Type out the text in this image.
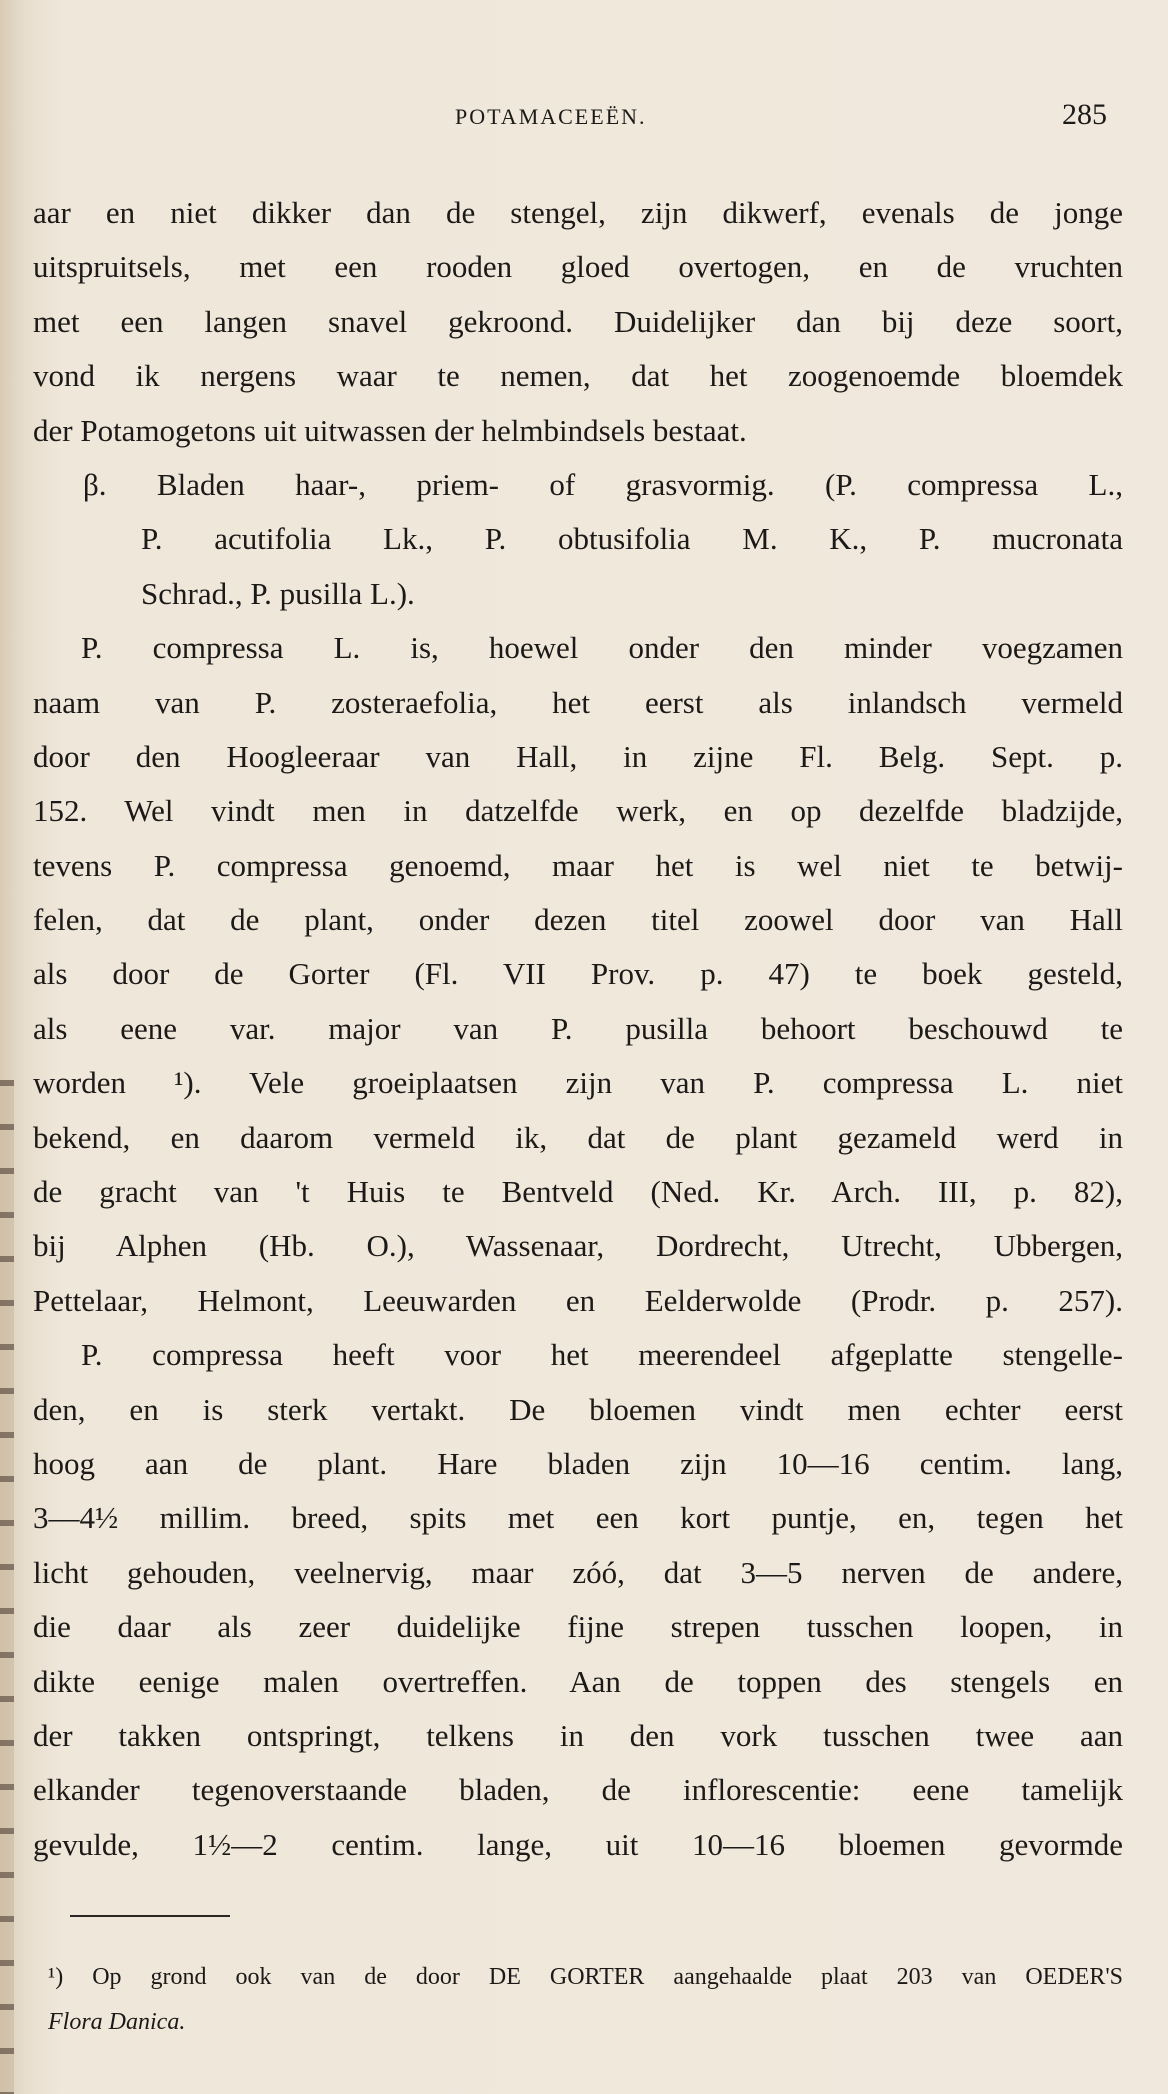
POTAMACEEËN.	285
aar en niet dikker dan de stengel, zijn dikwerf, evenals de jonge
uitspruitsels, met een rooden gloed overtogen, en de vruchten
met een langen snavel gekroond. Duidelijker dan bij deze soort,
vond ik nergens waar te nemen, dat het zoogenoemde bloemdek
der Potamogetons uit uitwassen der helmbindsels bestaat.
β. Bladen haar-, priem- of grasvormig. (P. compressa L.,
P. acutifolia Lk., P. obtusifolia M. K., P. mucronata
Schrad., P. pusilla L.).
P. compressa L. is, hoewel onder den minder voegzamen
naam van P. zosteraefolia, het eerst als inlandsch vermeld
door den Hoogleeraar van Hall, in zijne Fl. Belg. Sept. p.
152. Wel vindt men in datzelfde werk, en op dezelfde bladzijde,
tevens P. compressa genoemd, maar het is wel niet te betwij-
felen, dat de plant, onder dezen titel zoowel door van Hall
als door de Gorter (Fl. VII Prov. p. 47) te boek gesteld,
als eene var. major van P. pusilla behoort beschouwd te
worden ¹). Vele groeiplaatsen zijn van P. compressa L. niet
bekend, en daarom vermeld ik, dat de plant gezameld werd in
de gracht van 't Huis te Bentveld (Ned. Kr. Arch. III, p. 82),
bij Alphen (Hb. O.), Wassenaar, Dordrecht, Utrecht, Ubbergen,
Pettelaar, Helmont, Leeuwarden en Eelderwolde (Prodr. p. 257).
P. compressa heeft voor het meerendeel afgeplatte stengelle-
den, en is sterk vertakt. De bloemen vindt men echter eerst
hoog aan de plant. Hare bladen zijn 10—16 centim. lang,
3—4½ millim. breed, spits met een kort puntje, en, tegen het
licht gehouden, veelnervig, maar zóó, dat 3—5 nerven de andere,
die daar als zeer duidelijke fijne strepen tusschen loopen, in
dikte eenige malen overtreffen. Aan de toppen des stengels en
der takken ontspringt, telkens in den vork tusschen twee aan
elkander tegenoverstaande bladen, de inflorescentie: eene tamelijk
gevulde, 1½—2 centim. lange, uit 10—16 bloemen gevormde
¹) Op grond ook van de door DE GORTER aangehaalde plaat 203 van OEDER'S
Flora Danica.
